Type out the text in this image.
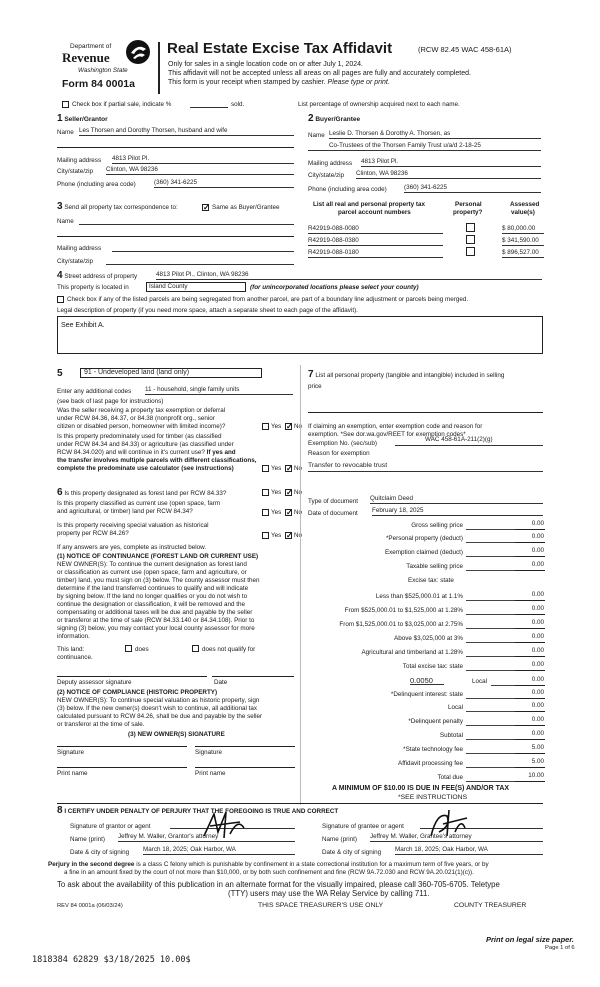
Department of
Revenue
Washington State
Form 84 0001a
Real Estate Excise Tax Affidavit	(RCW 82.45 WAC 458-61A)
Only for sales in a single location code on or after July 1, 2024.
This affidavit will not be accepted unless all areas on all pages are fully and accurately completed.
This form is your receipt when stamped by cashier. Please type or print.
Check box if partial sale, indicate %	sold.	List percentage of ownership acquired next to each name.
1 Seller/Grantor
Name Les Thorsen and Dorothy Thorsen, husband and wife
Mailing address 4813 Pilot Pl.
City/state/zip Clinton, WA 98236
Phone (including area code)	(360) 341-6225
2 Buyer/Grantee
Name Leslie D. Thorsen & Dorothy A. Thorsen, as
Co-Trustees of the Thorsen Family Trust u/a/d 2-18-25
Mailing address 4813 Pilot Pl.
City/state/zip Clinton, WA 98236
Phone (including area code)	(360) 341-6225
3 Send all property tax correspondence to: ✓	Same as Buyer/Grantee
Name
Mailing address
City/state/zip
List all real and personal property tax
parcel account numbers
Personal
property?
Assessed
value(s)
R42919-088-0080	$ 80,000.00
R42919-088-0380	$ 341,590.00
R42919-088-0180	$ 896,527.00
4 Street address of property	4813 Pilot Pl., Clinton, WA 98236
This property is located in	Island County	(for unincorporated locations please select your county)
Check box if any of the listed parcels are being segregated from another parcel, are part of a boundary line adjustment or parcels being merged.
Legal description of property (if you need more space, attach a separate sheet to each page of the affidavit).
See Exhibit A.
5	91 - Undeveloped land (land only)
Enter any additional codes 11 - household, single family units
(see back of last page for instructions)
Was the seller receiving a property tax exemption or deferral
under RCW 84.36, 84.37, or 84.38 (nonprofit org., senior
citizen or disabled person, homeowner with limited income)?	Yes ✓ No
Is this property predominately used for timber (as classified
under RCW 84.34 and 84.33) or agriculture (as classified under
RCW 84.34.020) and will continue in it's current use? If yes and
the transfer involves multiple parcels with different classifications,
complete the predominate use calculator (see instructions)	Yes ✓ No
6 Is this property designated as forest land per RCW 84.33?	Yes ✓ No
Is this property classified as current use (open space, farm
and agricultural, or timber) land per RCW 84.34?	Yes ✓ No
Is this property receiving special valuation as historical
property per RCW 84.26?	Yes ✓ No
If any answers are yes, complete as instructed below.
(1) NOTICE OF CONTINUANCE (FOREST LAND OR CURRENT USE)
NEW OWNER(S): To continue the current designation as forest land
or classification as current use (open space, farm and agriculture, or
timber) land, you must sign on (3) below. The county assessor must then
determine if the land transferred continues to qualify and will indicate
by signing below. If the land no longer qualifies or you do not wish to
continue the designation or classification, it will be removed and the
compensating or additional taxes will be due and payable by the seller
or transferor at the time of sale (RCW 84.33.140 or 84.34.108). Prior to
signing (3) below, you may contact your local county assessor for more
information.
This land:	does	does not qualify for
continuance.
Deputy assessor signature	Date
(2) NOTICE OF COMPLIANCE (HISTORIC PROPERTY)
NEW OWNER(S): To continue special valuation as historic property, sign
(3) below. If the new owner(s) doesn't wish to continue, all additional tax
calculated pursuant to RCW 84.26, shall be due and payable by the seller
or transferor at the time of sale.
(3) NEW OWNER(S) SIGNATURE
Signature	Signature
Print name	Print name
7 List all personal property (tangible and intangible) included in selling
price
If claiming an exemption, enter exemption code and reason for
exemption. *See dor.wa.gov/REET for exemption codes*
Exemption No. (sec/sub)
WAC 458-61A-211(2)(g)
Reason for exemption
Transfer to revocable trust
Type of document Quitclaim Deed
Date of document February 18, 2025
Gross selling price	0.00
*Personal property (deduct)	0.00
Exemption claimed (deduct)	0.00
Taxable selling price	0.00
Excise tax: state
Less than $525,000.01 at 1.1%	0.00
From $525,000.01 to $1,525,000 at 1.28%	0.00
From $1,525,000.01 to $3,025,000 at 2.75%	0.00
Above $3,025,000 at 3%	0.00
Agricultural and timberland at 1.28%	0.00
Total excise tax: state	0.00
0.0050	Local	0.00
*Delinquent interest: state	0.00
Local	0.00
*Delinquent penalty	0.00
Subtotal	0.00
*State technology fee	5.00
Affidavit processing fee	5.00
Total due	10.00
A MINIMUM OF $10.00 IS DUE IN FEE(S) AND/OR TAX
*SEE INSTRUCTIONS
8 I CERTIFY UNDER PENALTY OF PERJURY THAT THE FOREGOING IS TRUE AND CORRECT
Signature of grantor or agent
Name (print) Jeffrey M. Waller, Grantor's attorney
Date & city of signing March 18, 2025; Oak Harbor, WA
Signature of grantee or agent
Name (print) Jeffrey M. Waller, Grantee's attorney
Date & city of signing March 18, 2025; Oak Harbor, WA
Perjury in the second degree is a class C felony which is punishable by confinement in a state correctional institution for a maximum term of five years, or by
a fine in an amount fixed by the court of not more than $10,000, or by both such confinement and fine (RCW 9A.72.030 and RCW 9A.20.021(1)(c)).
To ask about the availability of this publication in an alternate format for the visually impaired, please call 360-705-6705. Teletype
(TTY) users may use the WA Relay Service by calling 711.
REV 84 0001a (06/03/24)	THIS SPACE TREASURER'S USE ONLY	COUNTY TREASURER
Print on legal size paper.
Page 1 of 6
1818384 62829 $3/18/2025 10.00$
